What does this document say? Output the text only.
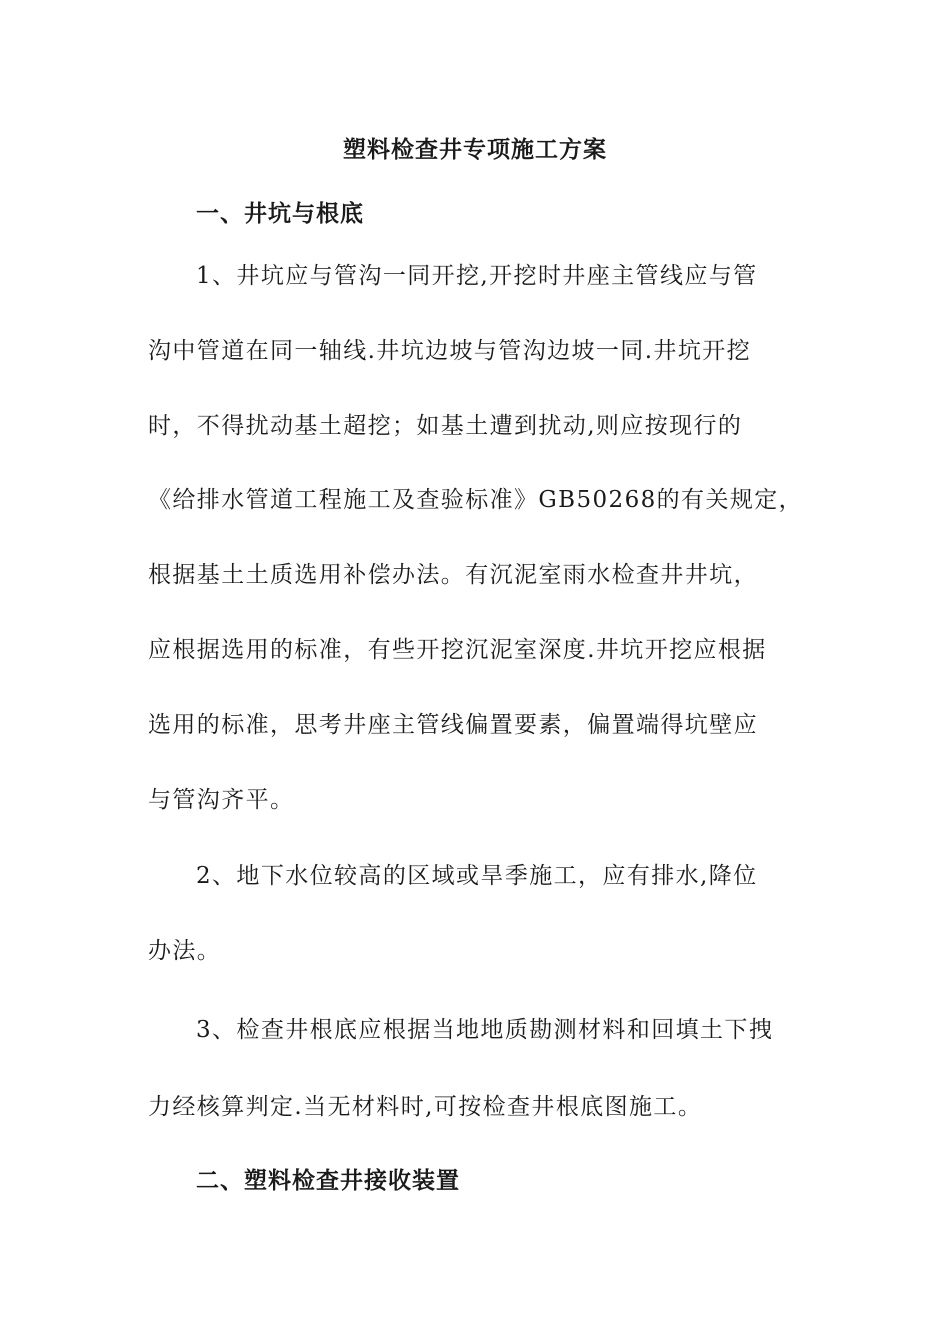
塑料检查井专项施工方案
一、井坑与根底
1、井坑应与管沟一同开挖,开挖时井座主管线应与管
沟中管道在同一轴线.井坑边坡与管沟边坡一同.井坑开挖
时，不得扰动基土超挖；如基土遭到扰动,则应按现行的
《给排水管道工程施工及查验标准》GB50268的有关规定，
根据基土土质选用补偿办法。有沉泥室雨水检查井井坑，
应根据选用的标准，有些开挖沉泥室深度.井坑开挖应根据
选用的标准，思考井座主管线偏置要素，偏置端得坑壁应
与管沟齐平。
2、地下水位较高的区域或旱季施工，应有排水,降位
办法。
3、检查井根底应根据当地地质勘测材料和回填土下拽
力经核算判定.当无材料时,可按检查井根底图施工。
二、塑料检查井接收装置
